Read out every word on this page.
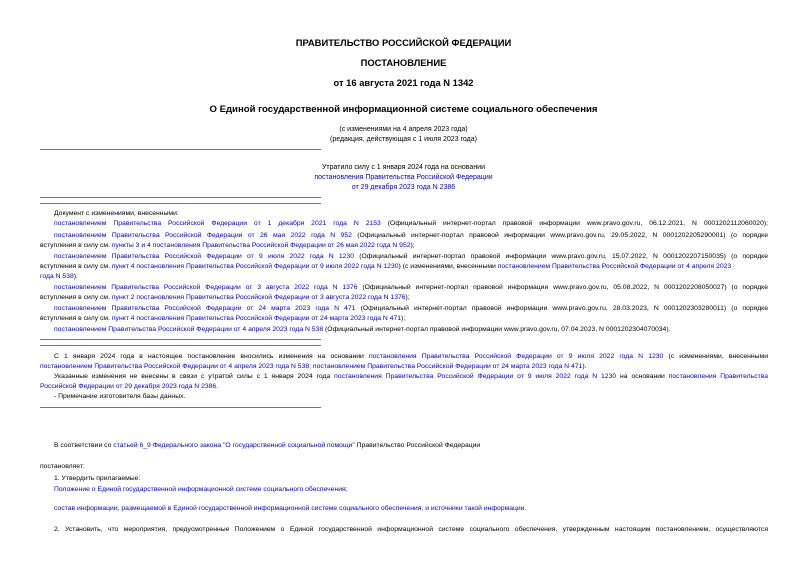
ПРАВИТЕЛЬСТВО РОССИЙСКОЙ ФЕДЕРАЦИИ
ПОСТАНОВЛЕНИЕ
от 16 августа 2021 года N 1342
О Единой государственной информационной системе социального обеспечения
(с изменениями на 4 апреля 2023 года)
(редакция, действующая с 1 июля 2023 года)
Утратило силу с 1 января 2024 года на основании
постановления Правительства Российской Федерации
от 29 декабря 2023 года N 2386
Документ с изменениями, внесенными:
постановлением Правительства Российской Федерации от 1 декабря 2021 года N 2153 (Официальный интернет-портал правовой информации www.pravo.gov.ru, 06.12.2021, N 0001202112060020);
постановлением Правительства Российской Федерации от 26 мая 2022 года N 952 (Официальный интернет-портал правовой информации www.pravo.gov.ru, 29.05.2022, N 0001202205290001) (о порядке
вступления в силу см. пункты 3 и 4 постановления Правительства Российской Федерации от 26 мая 2022 года N 952);
постановлением Правительства Российской Федерации от 9 июля 2022 года N 1230 (Официальный интернет-портал правовой информации www.pravo.gov.ru, 15.07.2022, N 0001202207150035) (о порядке
вступления в силу см. пункт 4 постановления Правительства Российской Федерации от 9 июля 2022 года N 1230) (с изменениями, внесенными постановлением Правительства Российской Федерации от 4 апреля 2023
года N 538);
постановлением Правительства Российской Федерации от 3 августа 2022 года N 1376 (Официальный интернет-портал правовой информации www.pravo.gov.ru, 05.08.2022, N 0001202208050027) (о порядке
вступления в силу см. пункт 2 постановления Правительства Российской Федерации от 3 августа 2022 года N 1376);
постановлением Правительства Российской Федерации от 24 марта 2023 года N 471 (Официальный интернет-портал правовой информации www.pravo.gov.ru, 28.03.2023, N 0001202303280011) (о порядке
вступления в силу см. пункт 4 постановления Правительства Российской Федерации от 24 марта 2023 года N 471);
постановлением Правительства Российской Федерации от 4 апреля 2023 года N 538 (Официальный интернет-портал правовой информации www.pravo.gov.ru, 07.04.2023, N 0001202304070034).
С 1 января 2024 года в настоящее постановление вносились изменения на основании постановления Правительства Российской Федерации от 9 июля 2022 года N 1230 (с изменениями, внесенными
постановлением Правительства Российской Федерации от 4 апреля 2023 года N 538; постановлением Правительства Российской Федерации от 24 марта 2023 года N 471).
Указанные изменения не внесены в связи с утратой силы с 1 января 2024 года постановления Правительства Российской Федерации от 9 июля 2022 года N 1230 на основании постановления Правительства
Российской Федерации от 29 декабря 2023 года N 2386.
- Примечание изготовителя базы данных.
В соответствии со статьей 6_9 Федерального закона "О государственной социальной помощи" Правительство Российской Федерации
постановляет:
1. Утвердить прилагаемые:
Положение о Единой государственной информационной системе социального обеспечения;
состав информации, размещаемой в Единой государственной информационной системе социального обеспечения, и источники такой информации.
2. Установить, что мероприятия, предусмотренные Положением о Единой государственной информационной системе социального обеспечения, утвержденным настоящим постановлением, осуществляются
